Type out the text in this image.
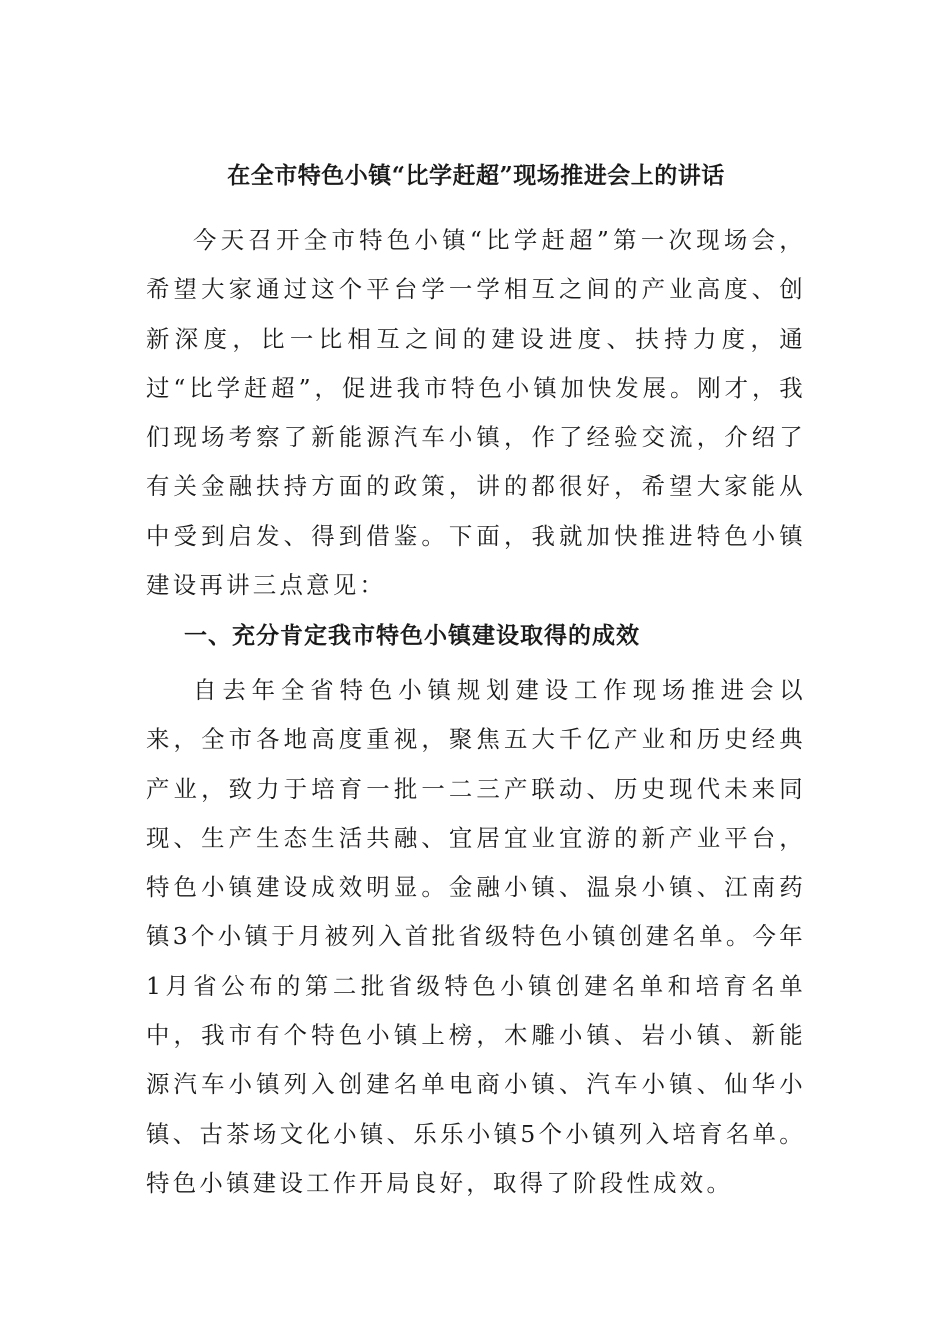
在全市特色小镇“比学赶超”现场推进会上的讲话

今天召开全市特色小镇“比学赶超”第一次现场会，希望大家通过这个平台学一学相互之间的产业高度、创新深度，比一比相互之间的建设进度、扶持力度，通过“比学赶超”，促进我市特色小镇加快发展。刚才，我们现场考察了新能源汽车小镇，作了经验交流，介绍了有关金融扶持方面的政策，讲的都很好，希望大家能从中受到启发、得到借鉴。下面，我就加快推进特色小镇建设再讲三点意见：

一、充分肯定我市特色小镇建设取得的成效

自去年全省特色小镇规划建设工作现场推进会以来，全市各地高度重视，聚焦五大千亿产业和历史经典产业，致力于培育一批一二三产联动、历史现代未来同现、生产生态生活共融、宜居宜业宜游的新产业平台，特色小镇建设成效明显。金融小镇、温泉小镇、江南药镇3个小镇于月被列入首批省级特色小镇创建名单。今年1月省公布的第二批省级特色小镇创建名单和培育名单中，我市有个特色小镇上榜，木雕小镇、岩小镇、新能源汽车小镇列入创建名单电商小镇、汽车小镇、仙华小镇、古茶场文化小镇、乐乐小镇5个小镇列入培育名单。特色小镇建设工作开局良好，取得了阶段性成效。
